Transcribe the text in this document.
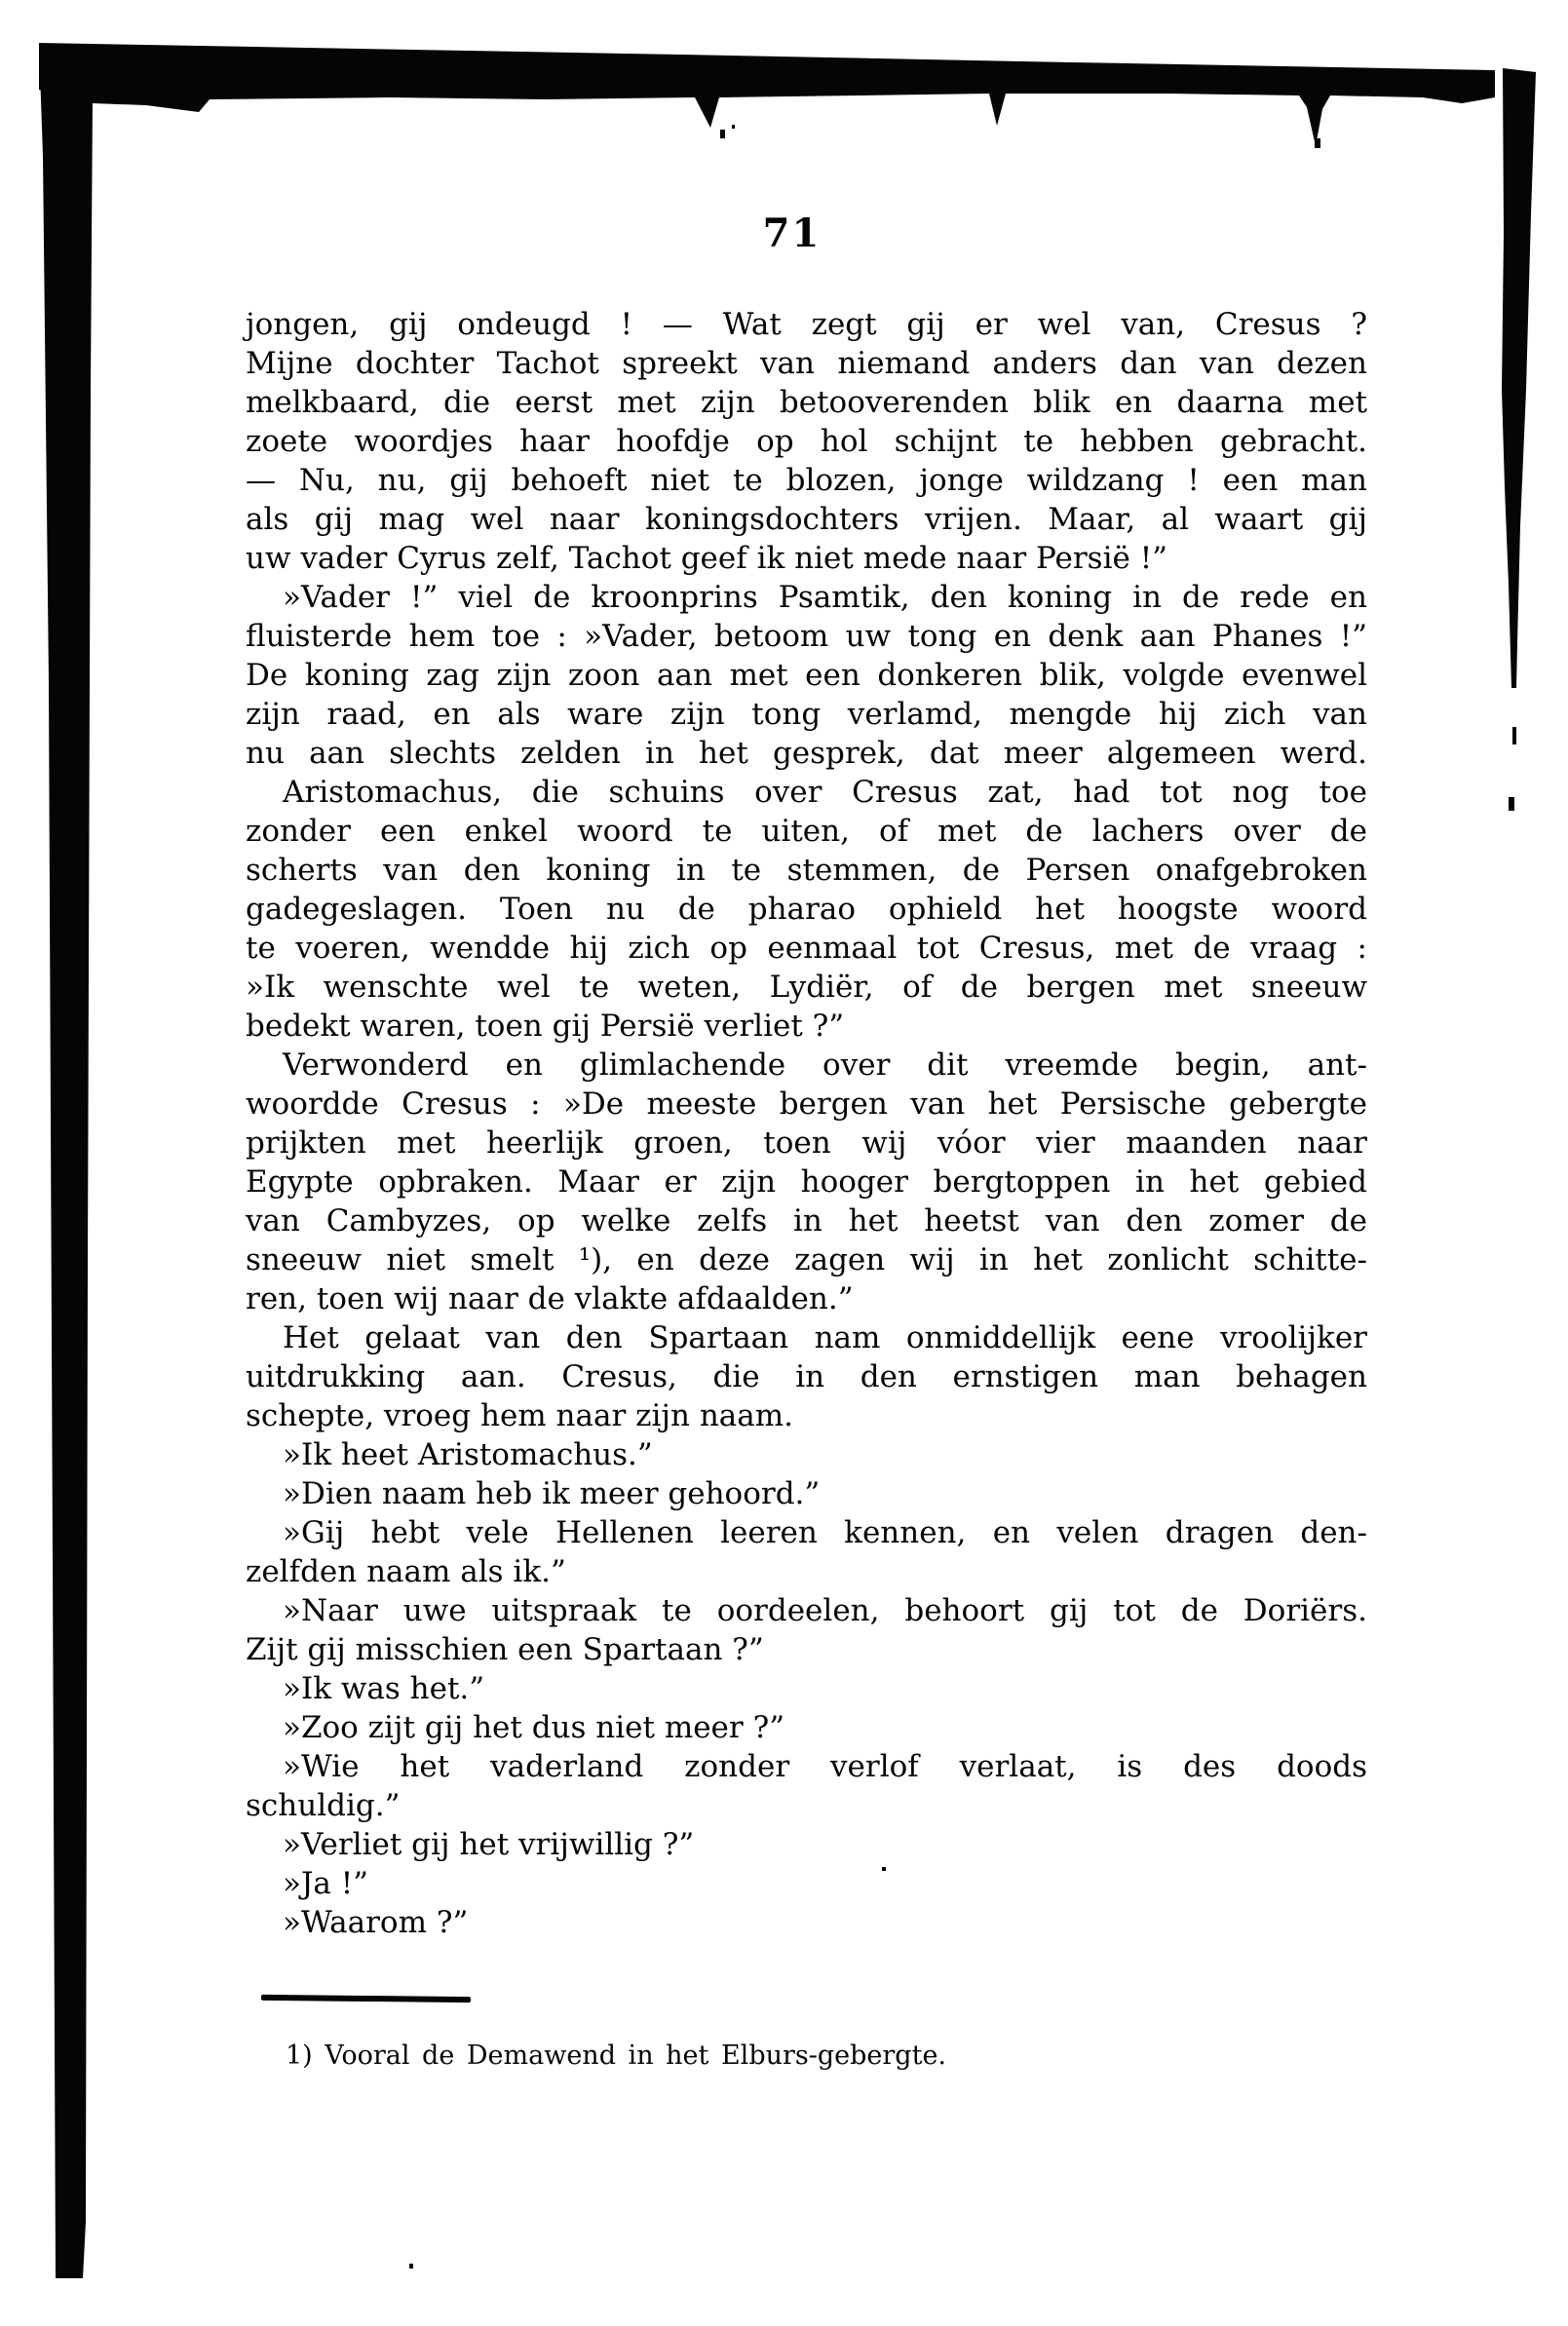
71
jongen, gij ondeugd ! — Wat zegt gij er wel van, Cresus ?
Mijne dochter Tachot spreekt van niemand anders dan van dezen
melkbaard, die eerst met zijn betooverenden blik en daarna met
zoete woordjes haar hoofdje op hol schijnt te hebben gebracht.
— Nu, nu, gij behoeft niet te blozen, jonge wildzang ! een man
als gij mag wel naar koningsdochters vrijen. Maar, al waart gij
uw vader Cyrus zelf, Tachot geef ik niet mede naar Persië !”
»Vader !” viel de kroonprins Psamtik, den koning in de rede en
fluisterde hem toe : »Vader, betoom uw tong en denk aan Phanes !”
De koning zag zijn zoon aan met een donkeren blik, volgde evenwel
zijn raad, en als ware zijn tong verlamd, mengde hij zich van
nu aan slechts zelden in het gesprek, dat meer algemeen werd.
Aristomachus, die schuins over Cresus zat, had tot nog toe
zonder een enkel woord te uiten, of met de lachers over de
scherts van den koning in te stemmen, de Persen onafgebroken
gadegeslagen. Toen nu de pharao ophield het hoogste woord
te voeren, wendde hij zich op eenmaal tot Cresus, met de vraag :
»Ik wenschte wel te weten, Lydiër, of de bergen met sneeuw
bedekt waren, toen gij Persië verliet ?”
Verwonderd en glimlachende over dit vreemde begin, ant-
woordde Cresus : »De meeste bergen van het Persische gebergte
prijkten met heerlijk groen, toen wij vóor vier maanden naar
Egypte opbraken. Maar er zijn hooger bergtoppen in het gebied
van Cambyzes, op welke zelfs in het heetst van den zomer de
sneeuw niet smelt ¹), en deze zagen wij in het zonlicht schitte-
ren, toen wij naar de vlakte afdaalden.”
Het gelaat van den Spartaan nam onmiddellijk eene vroolijker
uitdrukking aan. Cresus, die in den ernstigen man behagen
schepte, vroeg hem naar zijn naam.
»Ik heet Aristomachus.”
»Dien naam heb ik meer gehoord.”
»Gij hebt vele Hellenen leeren kennen, en velen dragen den-
zelfden naam als ik.”
»Naar uwe uitspraak te oordeelen, behoort gij tot de Doriërs.
Zijt gij misschien een Spartaan ?”
»Ik was het.”
»Zoo zijt gij het dus niet meer ?”
»Wie het vaderland zonder verlof verlaat, is des doods
schuldig.”
»Verliet gij het vrijwillig ?”
»Ja !”
»Waarom ?”
1) Vooral de Demawend in het Elburs-gebergte.
